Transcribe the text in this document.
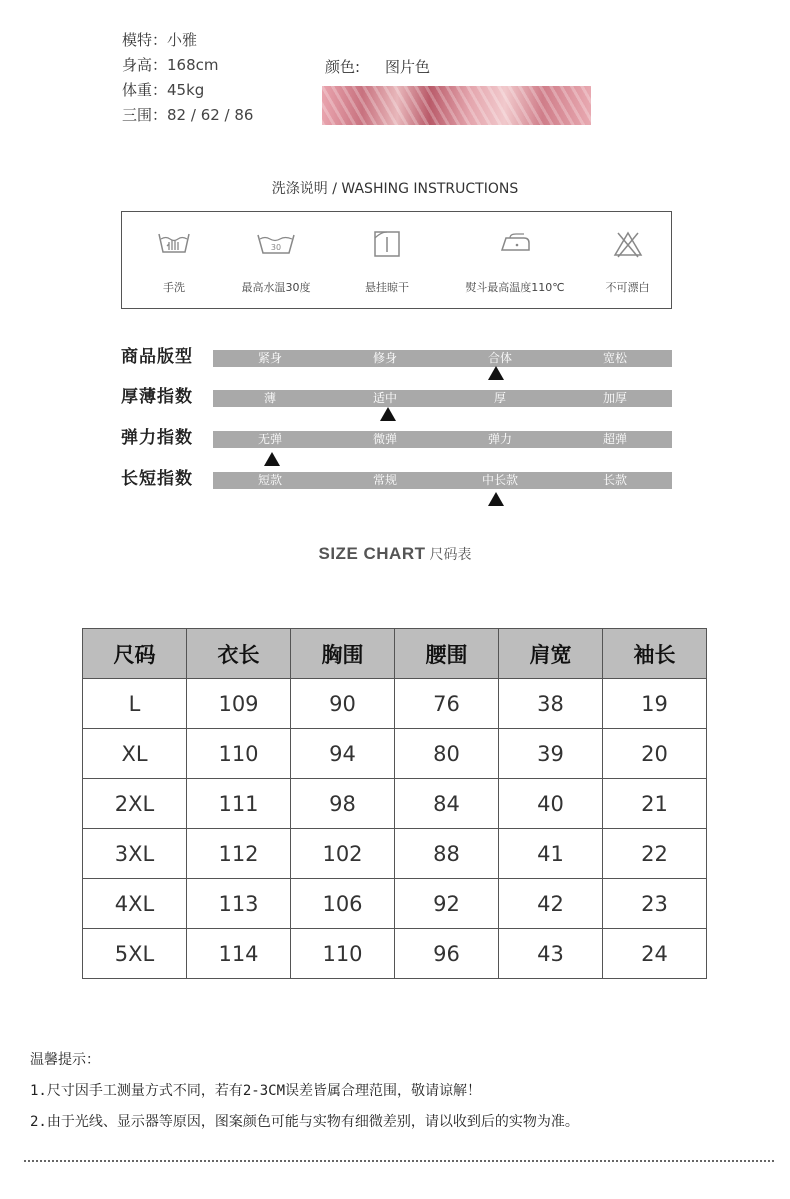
模特： 小雅
身高： 168cm
体重： 45kg
三围： 82 / 62 / 86
颜色: 图片色
洗涤说明 / WASHING INSTRUCTIONS
手洗
30
最高水温30度	悬挂晾干	熨斗最高温度110℃	不可漂白
商品版型	紧身	修身	合体	宽松
厚薄指数	薄	适中	厚	加厚
弹力指数	无弹	微弹	弹力	超弹
长短指数	短款	常规	中长款	长款
SIZE CHART 尺码表
尺码	衣长	胸围	腰围	肩宽	袖长
L	109	90	76	38	19
XL	110	94	80	39	20
2XL	111	98	84	40	21
3XL	112	102	88	41	22
4XL	113	106	92	42	23
5XL	114	110	96	43	24
温馨提示：
1.尺寸因手工测量方式不同，若有2-3CM误差皆属合理范围，敬请谅解！
2.由于光线、显示器等原因，图案颜色可能与实物有细微差别，请以收到后的实物为准。
